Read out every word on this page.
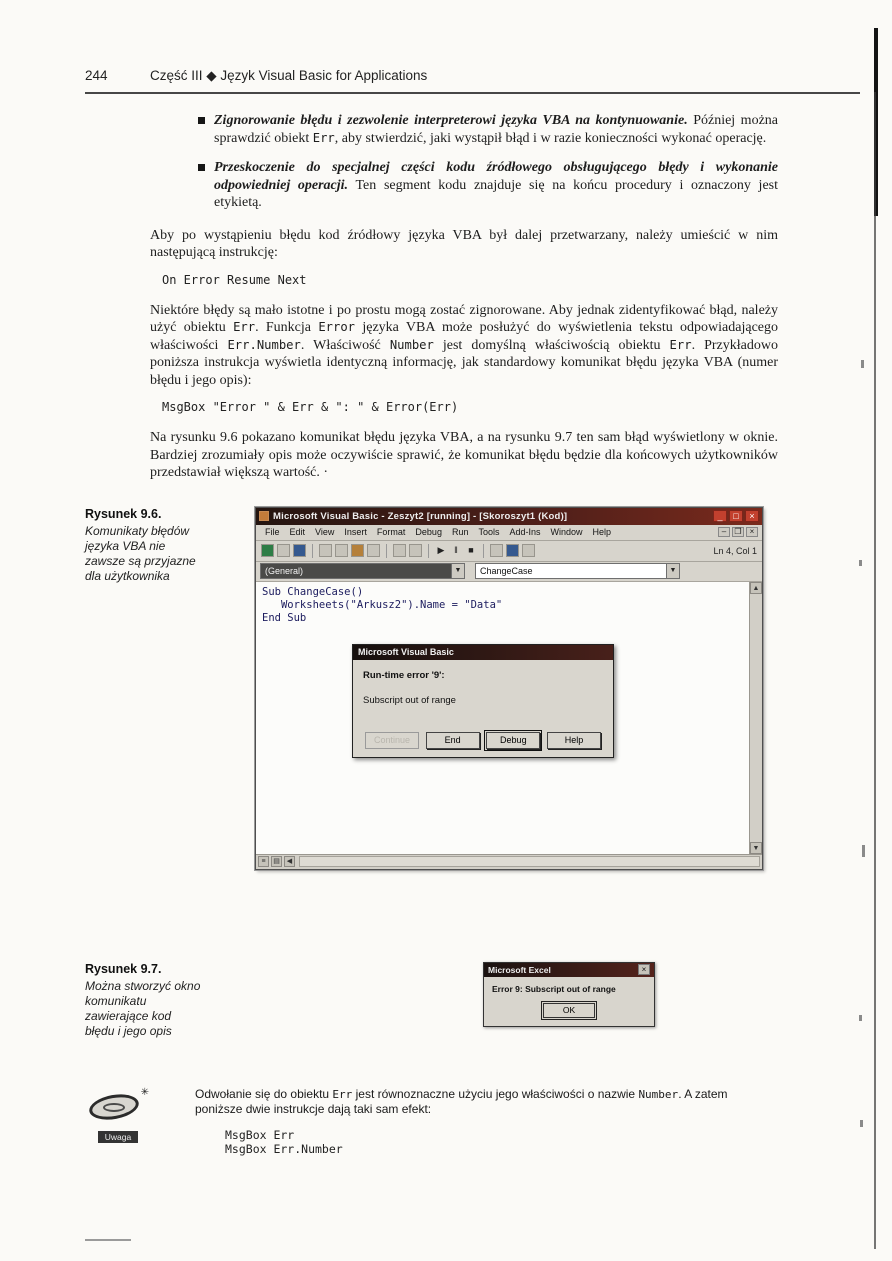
244	Część III ◆ Język Visual Basic for Applications
Zignorowanie błędu i zezwolenie interpreterowi języka VBA na kontynuowanie. Później można sprawdzić obiekt Err, aby stwierdzić, jaki wystąpił błąd i w razie konieczności wykonać operację.
Przeskoczenie do specjalnej części kodu źródłowego obsługującego błędy i wykonanie odpowiedniej operacji. Ten segment kodu znajduje się na końcu procedury i oznaczony jest etykietą.

Aby po wystąpieniu błędu kod źródłowy języka VBA był dalej przetwarzany, należy umieścić w nim następującą instrukcję:

On Error Resume Next

Niektóre błędy są mało istotne i po prostu mogą zostać zignorowane. Aby jednak zidentyfikować błąd, należy użyć obiektu Err. Funkcja Error języka VBA może posłużyć do wyświetlenia tekstu odpowiadającego właściwości Err.Number. Właściwość Number jest domyślną właściwością obiektu Err. Przykładowo poniższa instrukcja wyświetla identyczną informację, jak standardowy komunikat błędu języka VBA (numer błędu i jego opis):

MsgBox "Error " & Err & ": " & Error(Err)

Na rysunku 9.6 pokazano komunikat błędu języka VBA, a na rysunku 9.7 ten sam błąd wyświetlony w oknie. Bardziej zrozumiały opis może oczywiście sprawić, że komunikat błędu będzie dla końcowych użytkowników przedstawiał większą wartość. ·

Rysunek 9.6.
Komunikaty błędów języka VBA nie zawsze są przyjazne dla użytkownika
Microsoft Visual Basic - Zeszyt2 [running] - [Skoroszyt1 (Kod)]	_	□	×
File	Edit	View	Insert	Format	Debug	Run	Tools	Add-Ins	Window	Help	–	❐	×
▶	‖	■	Ln 4, Col 1
(General)	▼	ChangeCase	▼
Sub ChangeCase()
Worksheets("Arkusz2").Name = "Data"
End Sub
▲
▼
Microsoft Visual Basic
Run-time error '9':
Subscript out of range
Continue	End	Debug	Help
≡	▤ ◀
Rysunek 9.7.
Można stworzyć okno komunikatu zawierające kod błędu i jego opis
Microsoft Excel	×
Error 9: Subscript out of range
OK
✳
Uwaga
Odwołanie się do obiektu Err jest równoznaczne użyciu jego właściwości o nazwie Number. A zatem poniższe dwie instrukcje dają taki sam efekt:
MsgBox Err
MsgBox Err.Number
